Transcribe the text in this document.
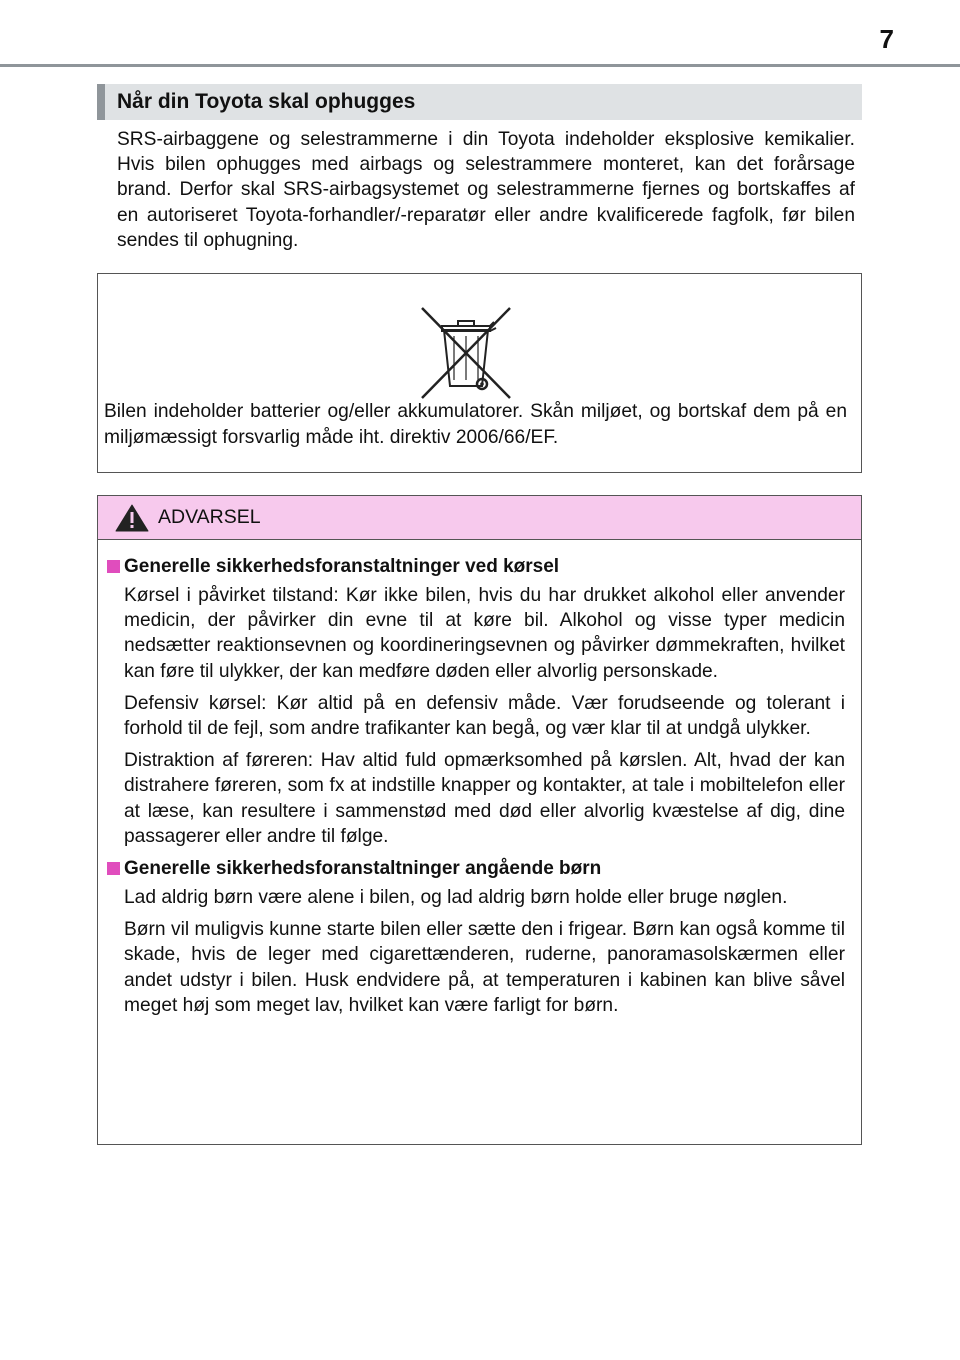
7
Når din Toyota skal ophugges

SRS-airbaggene og selestrammerne i din Toyota indeholder eksplosive kemikalier. Hvis bilen ophugges med airbags og selestrammere monteret, kan det forårsage brand. Derfor skal SRS-airbagsystemet og selestrammerne fjernes og bortskaffes af en autoriseret Toyota-forhandler/-reparatør eller andre kvalificerede fagfolk, før bilen sendes til ophugning.

Bilen indeholder batterier og/eller akkumulatorer. Skån miljøet, og bortskaf dem på en miljømæssigt forsvarlig måde iht. direktiv 2006/66/EF.

ADVARSEL
Generelle sikkerhedsforanstaltninger ved kørsel

Kørsel i påvirket tilstand: Kør ikke bilen, hvis du har drukket alkohol eller anvender medicin, der påvirker din evne til at køre bil. Alkohol og visse typer medicin nedsætter reaktionsevnen og koordineringsevnen og påvirker dømmekraften, hvilket kan føre til ulykker, der kan medføre døden eller alvorlig personskade.

Defensiv kørsel: Kør altid på en defensiv måde. Vær forudseende og tolerant i forhold til de fejl, som andre trafikanter kan begå, og vær klar til at undgå ulykker.

Distraktion af føreren: Hav altid fuld opmærksomhed på kørslen. Alt, hvad der kan distrahere føreren, som fx at indstille knapper og kontakter, at tale i mobiltelefon eller at læse, kan resultere i sammenstød med død eller alvorlig kvæstelse af dig, dine passagerer eller andre til følge.

Generelle sikkerhedsforanstaltninger angående børn

Lad aldrig børn være alene i bilen, og lad aldrig børn holde eller bruge nøglen.

Børn vil muligvis kunne starte bilen eller sætte den i frigear. Børn kan også komme til skade, hvis de leger med cigarettænderen, ruderne, panoramasolskærmen eller andet udstyr i bilen. Husk endvidere på, at temperaturen i kabinen kan blive såvel meget høj som meget lav, hvilket kan være farligt for børn.
